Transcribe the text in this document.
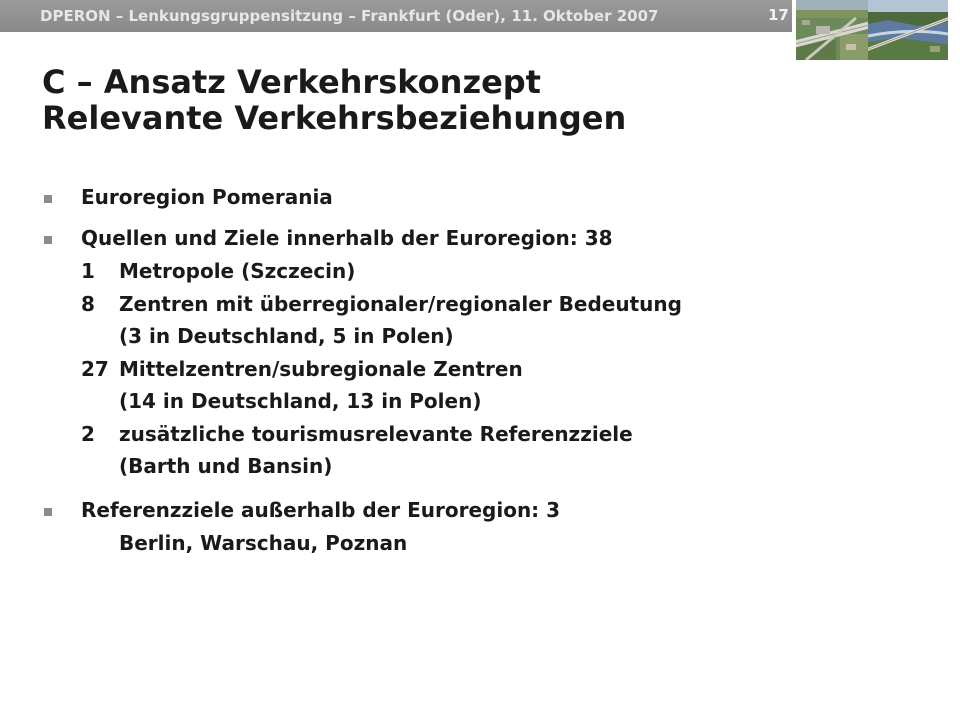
DPERON – Lenkungsgruppensitzung – Frankfurt (Oder), 11. Oktober 2007	17
C – Ansatz Verkehrskonzept
Relevante Verkehrsbeziehungen
Euroregion Pomerania
Quellen und Ziele innerhalb der Euroregion: 38
1 Metropole (Szczecin)
8 Zentren mit überregionaler/regionaler Bedeutung
(3 in Deutschland, 5 in Polen)
27 Mittelzentren/subregionale Zentren
(14 in Deutschland, 13 in Polen)
2 zusätzliche tourismusrelevante Referenzziele
(Barth und Bansin)
Referenzziele außerhalb der Euroregion: 3
Berlin, Warschau, Poznan
